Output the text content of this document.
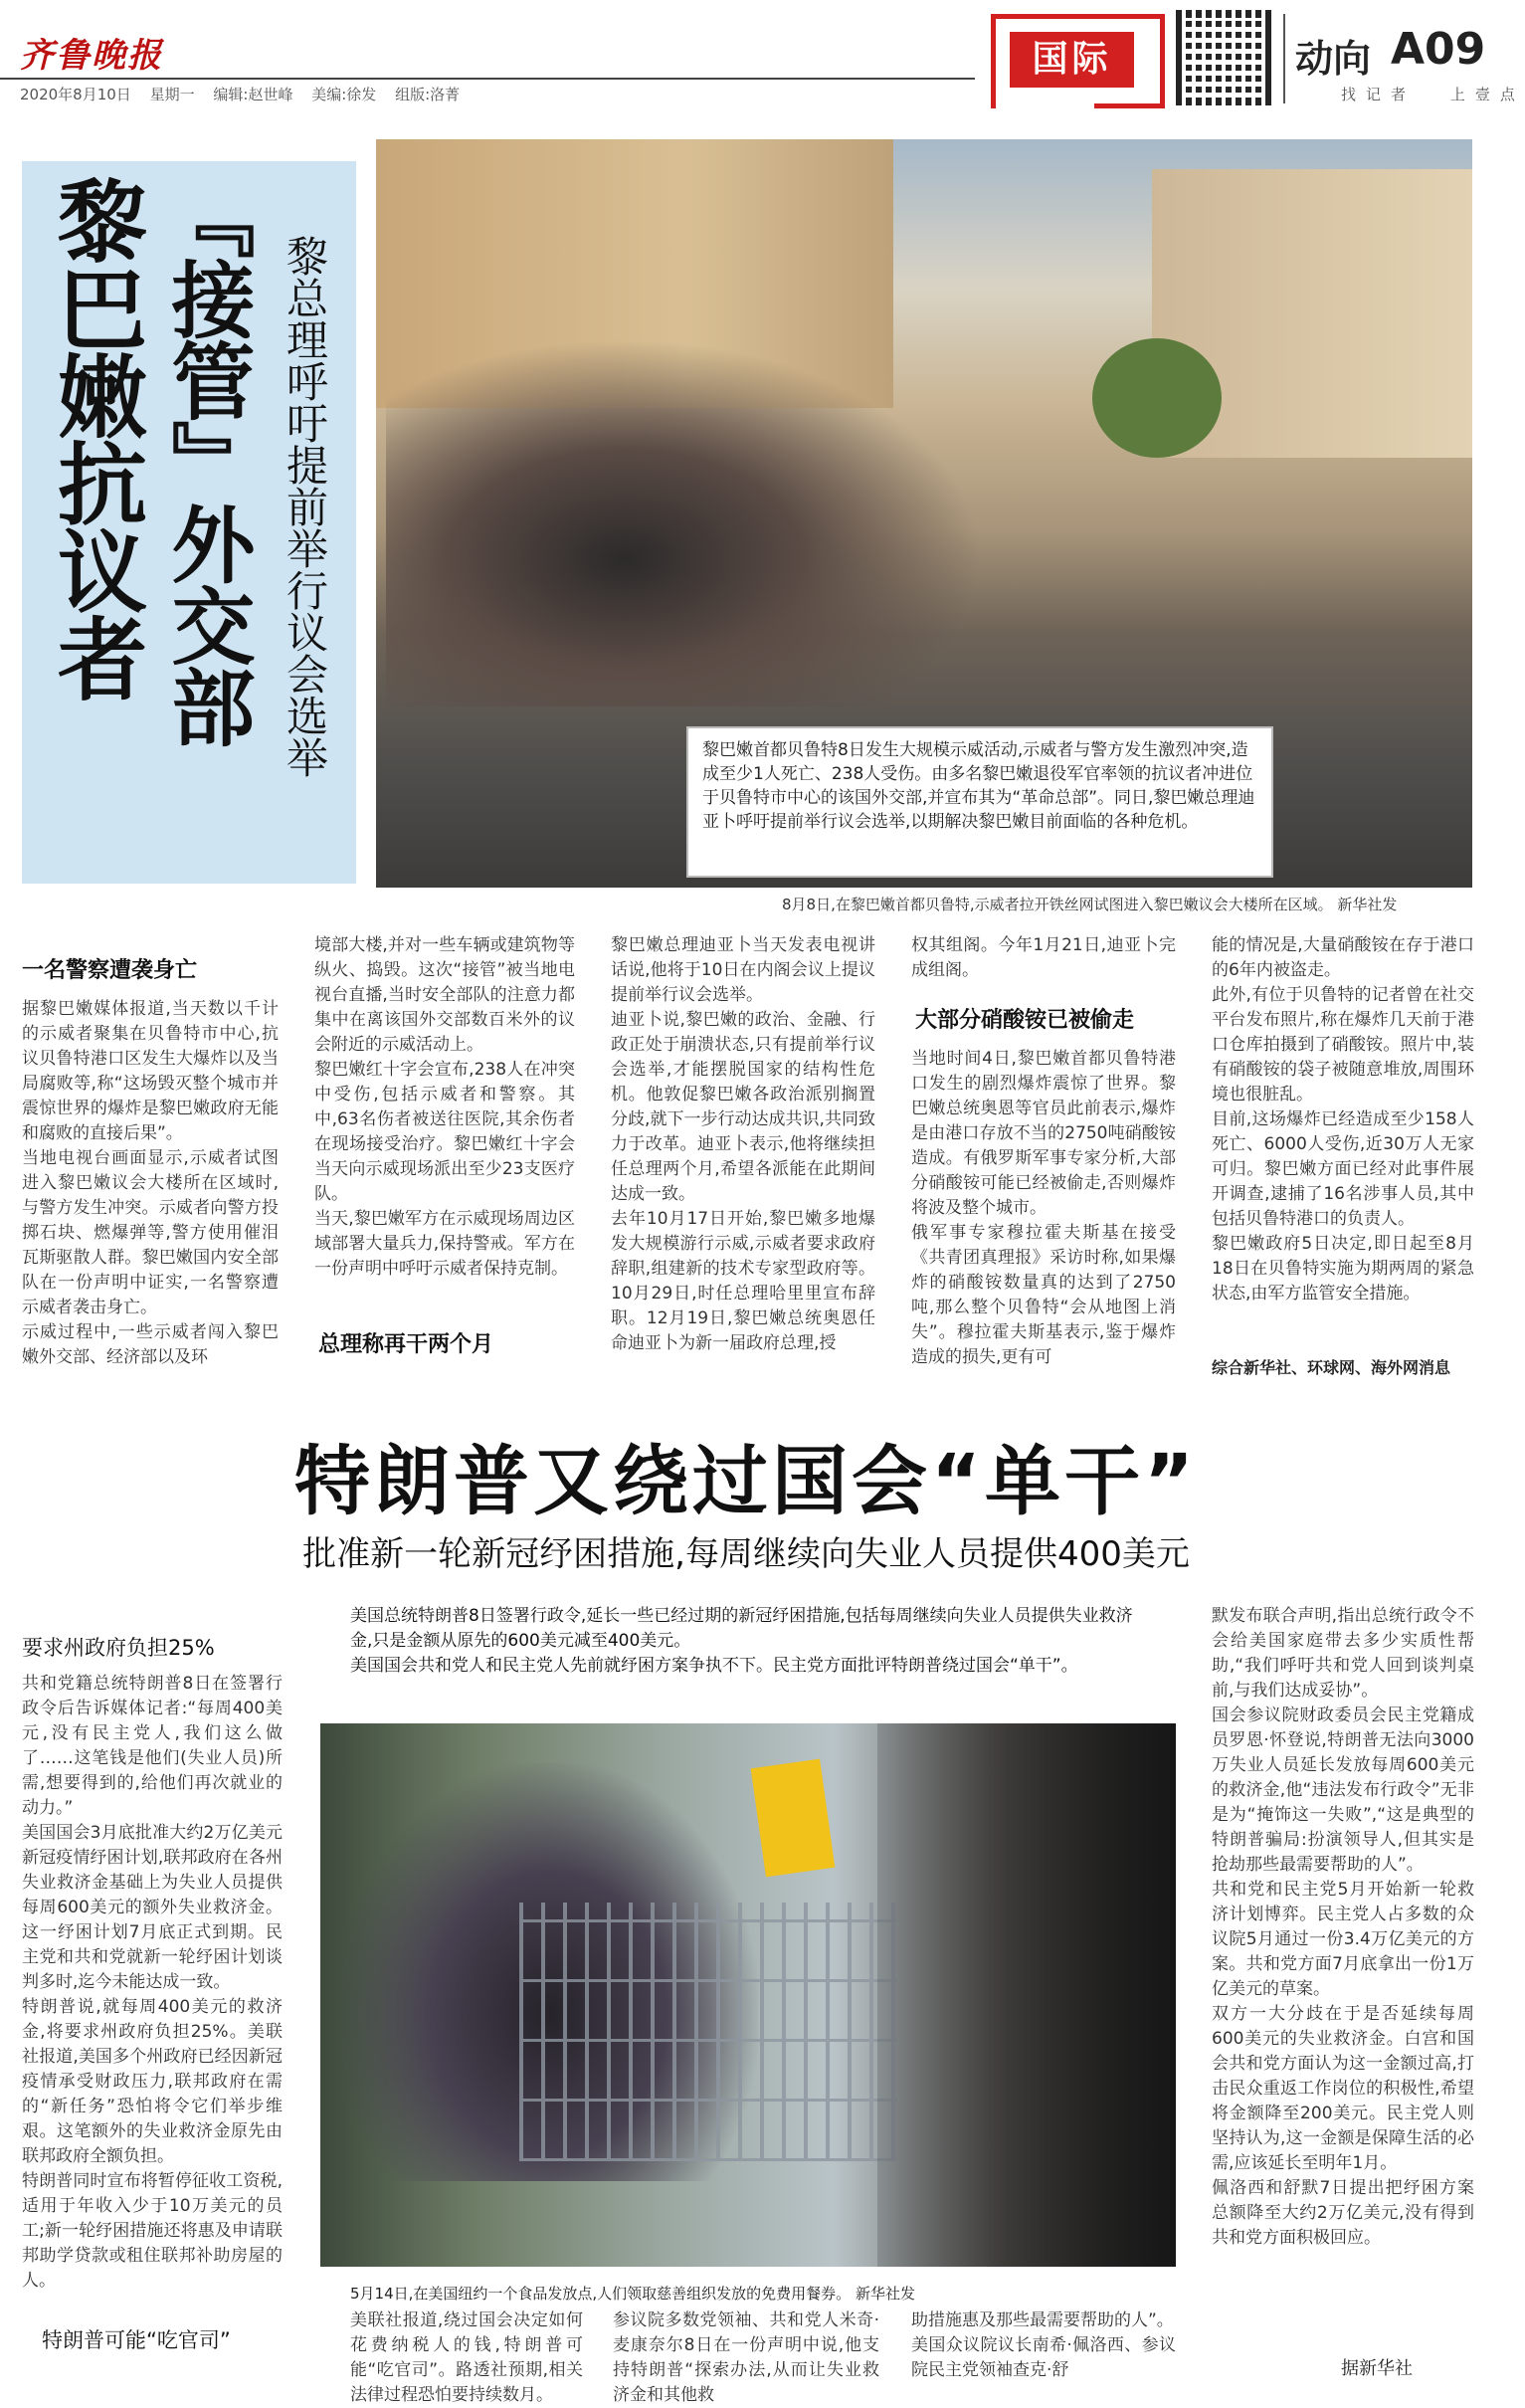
齐鲁晚报
2020年8月10日 星期一 编辑:赵世峰 美编:徐发 组版:洛菁
国际	动向 A09
找 记 者	上 壹 点
黎巴嫩抗议者 『接管』外交部 黎总理呼吁提前举行议会选举	黎巴嫩首都贝鲁特8日发生大规模示威活动,示威者与警方发生激烈冲突,造成至少1人死亡、238人受伤。由多名黎巴嫩退役军官率领的抗议者冲进位于贝鲁特市中心的该国外交部,并宣布其为“革命总部”。同日,黎巴嫩总理迪亚卜呼吁提前举行议会选举,以期解决黎巴嫩目前面临的各种危机。
8月8日,在黎巴嫩首都贝鲁特,示威者拉开铁丝网试图进入黎巴嫩议会大楼所在区域。 新华社发
一名警察遭袭身亡
据黎巴嫩媒体报道,当天数以千计的示威者聚集在贝鲁特市中心,抗议贝鲁特港口区发生大爆炸以及当局腐败等,称“这场毁灭整个城市并震惊世界的爆炸是黎巴嫩政府无能和腐败的直接后果”。
当地电视台画面显示,示威者试图进入黎巴嫩议会大楼所在区域时,与警方发生冲突。示威者向警方投掷石块、燃爆弹等,警方使用催泪瓦斯驱散人群。黎巴嫩国内安全部队在一份声明中证实,一名警察遭示威者袭击身亡。
示威过程中,一些示威者闯入黎巴嫩外交部、经济部以及环
境部大楼,并对一些车辆或建筑物等纵火、捣毁。这次“接管”被当地电视台直播,当时安全部队的注意力都集中在离该国外交部数百米外的议会附近的示威活动上。
黎巴嫩红十字会宣布,238人在冲突中受伤,包括示威者和警察。其中,63名伤者被送往医院,其余伤者在现场接受治疗。黎巴嫩红十字会当天向示威现场派出至少23支医疗队。
当天,黎巴嫩军方在示威现场周边区域部署大量兵力,保持警戒。军方在一份声明中呼吁示威者保持克制。
总理称再干两个月
黎巴嫩总理迪亚卜当天发表电视讲话说,他将于10日在内阁会议上提议提前举行议会选举。
迪亚卜说,黎巴嫩的政治、金融、行政正处于崩溃状态,只有提前举行议会选举,才能摆脱国家的结构性危机。他敦促黎巴嫩各政治派别搁置分歧,就下一步行动达成共识,共同致力于改革。迪亚卜表示,他将继续担任总理两个月,希望各派能在此期间达成一致。
去年10月17日开始,黎巴嫩多地爆发大规模游行示威,示威者要求政府辞职,组建新的技术专家型政府等。10月29日,时任总理哈里里宣布辞职。12月19日,黎巴嫩总统奥恩任命迪亚卜为新一届政府总理,授
权其组阁。今年1月21日,迪亚卜完成组阁。
大部分硝酸铵已被偷走
当地时间4日,黎巴嫩首都贝鲁特港口发生的剧烈爆炸震惊了世界。黎巴嫩总统奥恩等官员此前表示,爆炸是由港口存放不当的2750吨硝酸铵造成。有俄罗斯军事专家分析,大部分硝酸铵可能已经被偷走,否则爆炸将波及整个城市。
俄军事专家穆拉霍夫斯基在接受《共青团真理报》采访时称,如果爆炸的硝酸铵数量真的达到了2750吨,那么整个贝鲁特“会从地图上消失”。穆拉霍夫斯基表示,鉴于爆炸造成的损失,更有可
能的情况是,大量硝酸铵在存于港口的6年内被盗走。
此外,有位于贝鲁特的记者曾在社交平台发布照片,称在爆炸几天前于港口仓库拍摄到了硝酸铵。照片中,装有硝酸铵的袋子被随意堆放,周围环境也很脏乱。
目前,这场爆炸已经造成至少158人死亡、6000人受伤,近30万人无家可归。黎巴嫩方面已经对此事件展开调查,逮捕了16名涉事人员,其中包括贝鲁特港口的负责人。
黎巴嫩政府5日决定,即日起至8月18日在贝鲁特实施为期两周的紧急状态,由军方监管安全措施。
综合新华社、环球网、海外网消息
特朗普又绕过国会“单干”
批准新一轮新冠纾困措施,每周继续向失业人员提供400美元
美国总统特朗普8日签署行政令,延长一些已经过期的新冠纾困措施,包括每周继续向失业人员提供失业救济金,只是金额从原先的600美元减至400美元。
美国国会共和党人和民主党人先前就纾困方案争执不下。民主党方面批评特朗普绕过国会“单干”。
要求州政府负担25%
共和党籍总统特朗普8日在签署行政令后告诉媒体记者:“每周400美元,没有民主党人,我们这么做了……这笔钱是他们(失业人员)所需,想要得到的,给他们再次就业的动力。”
美国国会3月底批准大约2万亿美元新冠疫情纾困计划,联邦政府在各州失业救济金基础上为失业人员提供每周600美元的额外失业救济金。这一纾困计划7月底正式到期。民主党和共和党就新一轮纾困计划谈判多时,迄今未能达成一致。
特朗普说,就每周400美元的救济金,将要求州政府负担25%。美联社报道,美国多个州政府已经因新冠疫情承受财政压力,联邦政府在需的“新任务”恐怕将令它们举步维艰。这笔额外的失业救济金原先由联邦政府全额负担。
特朗普同时宣布将暂停征收工资税,适用于年收入少于10万美元的员工;新一轮纾困措施还将惠及申请联邦助学贷款或租住联邦补助房屋的人。
特朗普可能“吃官司”
5月14日,在美国纽约一个食品发放点,人们领取慈善组织发放的免费用餐券。 新华社发
美联社报道,绕过国会决定如何花费纳税人的钱,特朗普可能“吃官司”。路透社预期,相关法律过程恐怕要持续数月。
参议院多数党领袖、共和党人米奇·麦康奈尔8日在一份声明中说,他支持特朗普“探索办法,从而让失业救济金和其他救
助措施惠及那些最需要帮助的人”。
美国众议院议长南希·佩洛西、参议院民主党领袖查克·舒
默发布联合声明,指出总统行政令不会给美国家庭带去多少实质性帮助,“我们呼吁共和党人回到谈判桌前,与我们达成妥协”。
国会参议院财政委员会民主党籍成员罗恩·怀登说,特朗普无法向3000万失业人员延长发放每周600美元的救济金,他“违法发布行政令”无非是为“掩饰这一失败”,“这是典型的特朗普骗局:扮演领导人,但其实是抢劫那些最需要帮助的人”。
共和党和民主党5月开始新一轮救济计划博弈。民主党人占多数的众议院5月通过一份3.4万亿美元的方案。共和党方面7月底拿出一份1万亿美元的草案。
双方一大分歧在于是否延续每周600美元的失业救济金。白宫和国会共和党方面认为这一金额过高,打击民众重返工作岗位的积极性,希望将金额降至200美元。民主党人则坚持认为,这一金额是保障生活的必需,应该延长至明年1月。
佩洛西和舒默7日提出把纾困方案总额降至大约2万亿美元,没有得到共和党方面积极回应。
据新华社
